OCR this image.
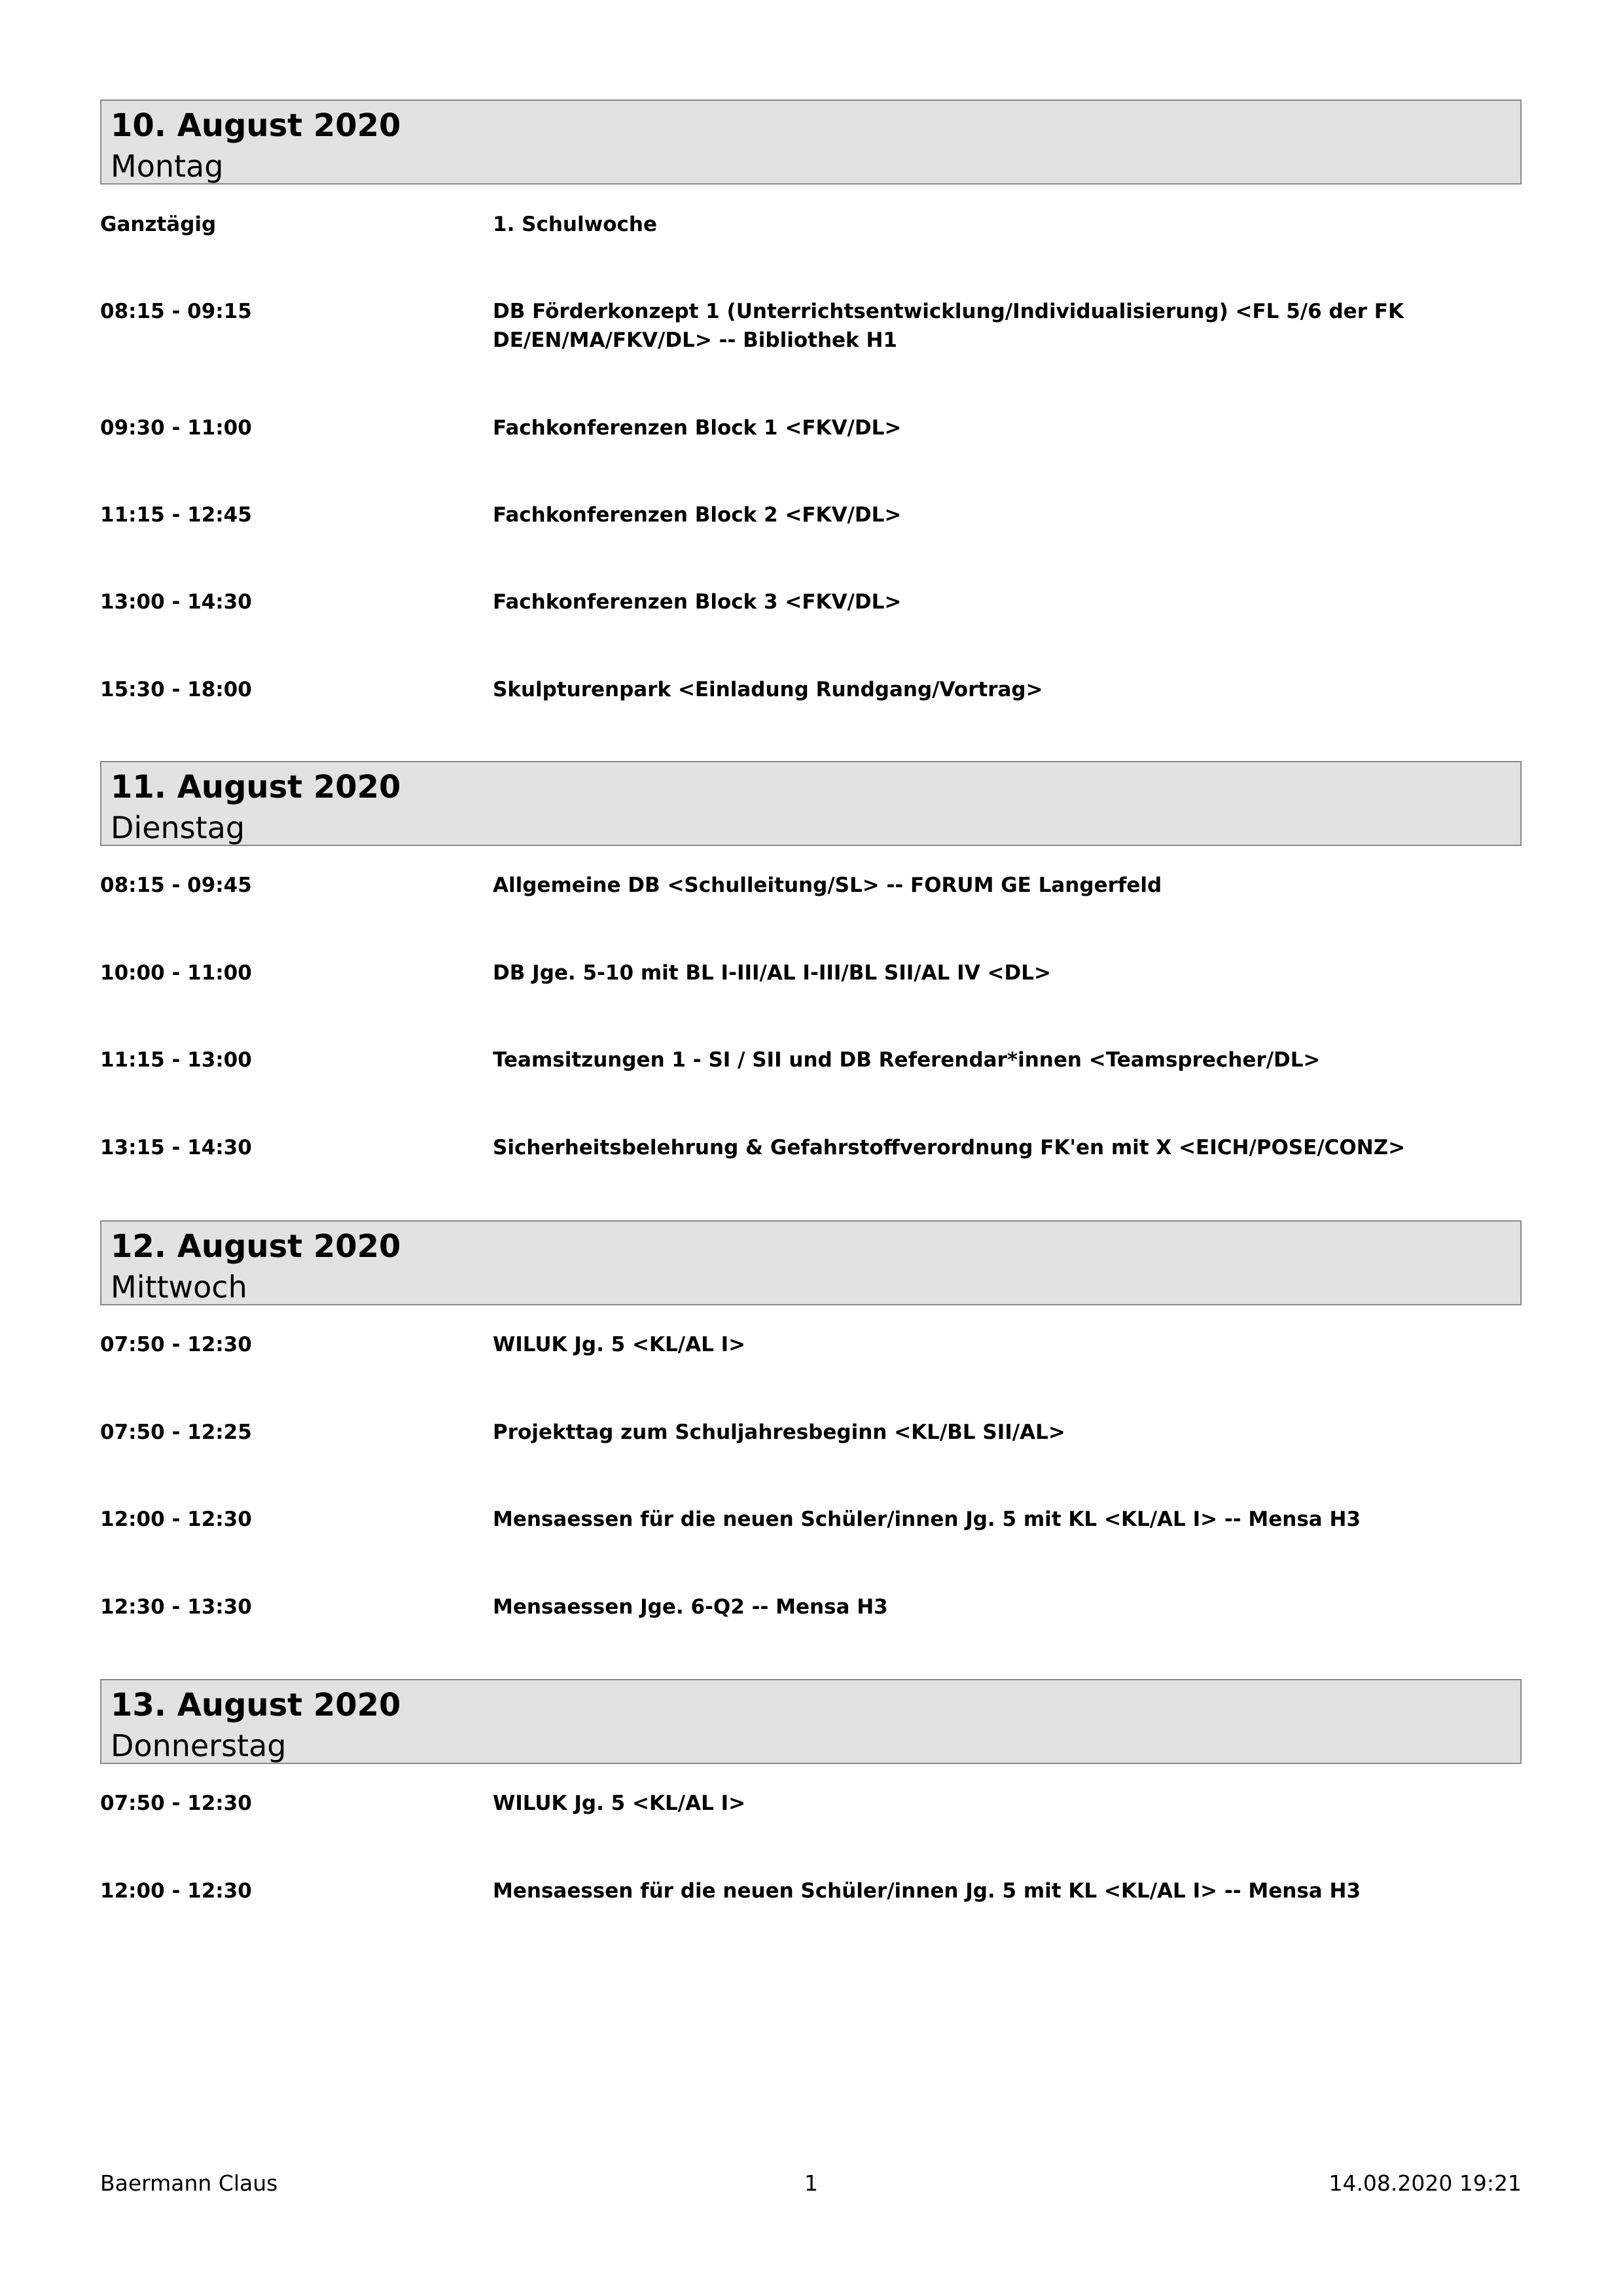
10. August 2020
Montag
Ganztägig	1. Schulwoche
08:15 - 09:15	DB Förderkonzept 1 (Unterrichtsentwicklung/Individualisierung) <FL 5/6 der FK DE/EN/MA/FKV/DL> -- Bibliothek H1
09:30 - 11:00	Fachkonferenzen Block 1 <FKV/DL>
11:15 - 12:45	Fachkonferenzen Block 2 <FKV/DL>
13:00 - 14:30	Fachkonferenzen Block 3 <FKV/DL>
15:30 - 18:00	Skulpturenpark <Einladung Rundgang/Vortrag>
11. August 2020
Dienstag
08:15 - 09:45	Allgemeine DB <Schulleitung/SL> -- FORUM GE Langerfeld
10:00 - 11:00	DB Jge. 5-10 mit BL I-III/AL I-III/BL SII/AL IV <DL>
11:15 - 13:00	Teamsitzungen 1 - SI / SII und DB Referendar*innen <Teamsprecher/DL>
13:15 - 14:30	Sicherheitsbelehrung & Gefahrstoffverordnung FK'en mit X <EICH/POSE/CONZ>
12. August 2020
Mittwoch
07:50 - 12:30	WILUK Jg. 5 <KL/AL I>
07:50 - 12:25	Projekttag zum Schuljahresbeginn <KL/BL SII/AL>
12:00 - 12:30	Mensaessen für die neuen Schüler/innen Jg. 5 mit KL <KL/AL I> -- Mensa H3
12:30 - 13:30	Mensaessen Jge. 6-Q2 -- Mensa H3
13. August 2020
Donnerstag
07:50 - 12:30	WILUK Jg. 5 <KL/AL I>
12:00 - 12:30	Mensaessen für die neuen Schüler/innen Jg. 5 mit KL <KL/AL I> -- Mensa H3
Baermann Claus	1	14.08.2020 19:21
